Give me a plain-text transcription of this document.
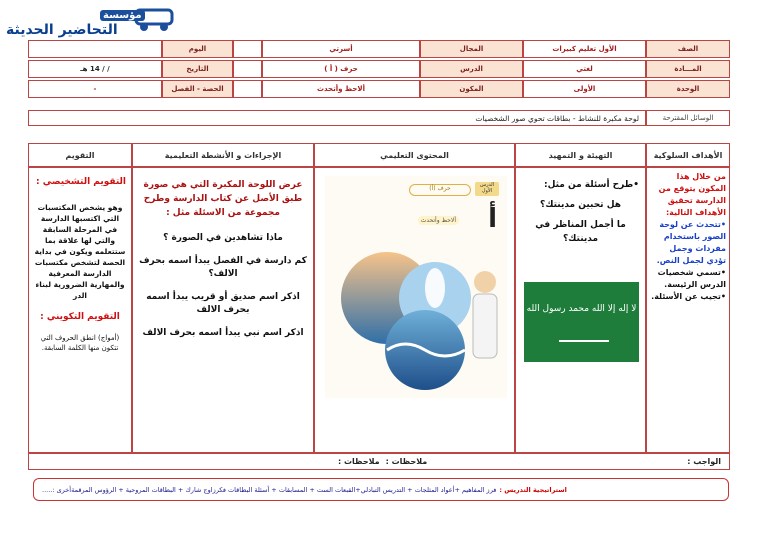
مؤسسة
التحاضير الحديثة
الصف
الأول تعليم كبيرات
المجال
أسرتي
اليوم
المـــادة
لغتي
الدرس
حرف ( أ )
التاريخ
/ / 14 هـ
الوحدة
الأولى
المكون
ألاحظ وأتحدث
الحصة - الفصل
-
الوسائل المقترحة
لوحة مكبرة للنشاط - بطاقات تحوي صور الشخصيات
الأهداف السلوكية
التهيئة و التمهيد
المحتوى التعليمي
الإجراءات و الأنشطة التعليمية
التقويم
من خلال هذا المكون يتوقع من الدارسة تحقيق الأهداف التالية:
•تتحدث عن لوحة الصور باستخدام مفردات وجمل تؤدي لجمل النص.
•تسمي شخصيات الدرس الرئيسة.
•تجيب عن الأسئلة.
•طرح أسئلة من مثل:
هل تحبين مدينتك؟
ما أجمل المناظر في مدينتك؟
لا إله إلا الله محمد رسول الله
الدرس الأول
حرف (أ)
أ
ألاحظ وأتحدث
عرض اللوحة المكبرة التي هي صورة طبق الأصل عن كتاب الدارسة وطرح مجموعة من الاسئلة مثل :
ماذا تشاهدين في الصورة ؟
كم دارسة في الفصل يبدأ اسمه بحرف الالف؟
اذكر اسم صديق أو قريب يبدأ اسمه بحرف الالف
اذكر اسم نبي يبدأ اسمه بحرف الالف
التقويم التشخيصي :
وهو يشخص المكتسبات التي اكتسبها الدارسة في المرحلة السابقة والتي لها علاقة بما ستتعلمه ويكون في بداية الحصة لتشخص مكتسبات الدارسة المعرفية والمهارية الضرورية لبناء الدر
التقويم التكويني :
(أمواج) انطق الحروف التي تتكون منها الكلمة السابقة.
الواجب :
ملاحظات :
ملاحظات :
استراتيجية التدريس :
فرز المفاهيم +أعواد المثلجات + التدريس التبادلي+القبعات الست + المسابقات + أسئلة البطاقات فكرزاوج شارك + البطاقات المروحية + الرؤوس المرقمةأخرى :.....
